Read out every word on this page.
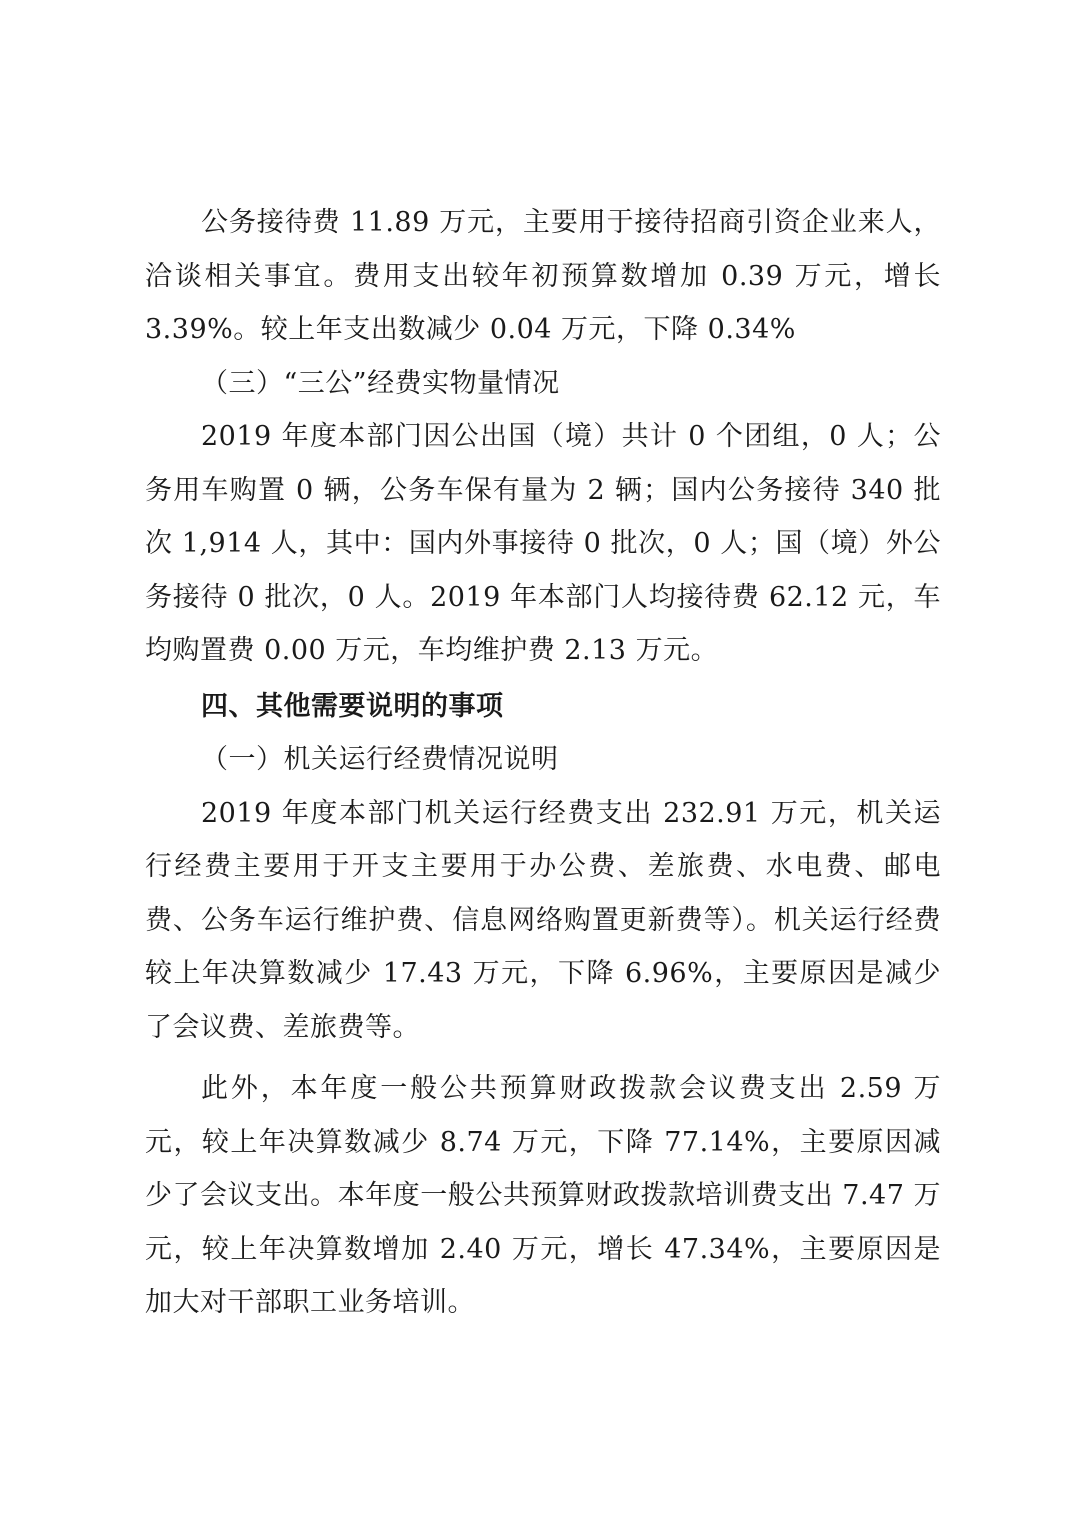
公务接待费 11.89 万元，主要用于接待招商引资企业来人，洽谈相关事宜。费用支出较年初预算数增加 0.39 万元，增长 3.39%。较上年支出数减少 0.04 万元，下降 0.34%

（三）“三公”经费实物量情况

2019 年度本部门因公出国（境）共计 0 个团组，0 人；公务用车购置 0 辆，公务车保有量为 2 辆；国内公务接待 340 批次 1,914 人，其中：国内外事接待 0 批次，0 人；国（境）外公务接待 0 批次，0 人。2019 年本部门人均接待费 62.12 元，车均购置费 0.00 万元，车均维护费 2.13 万元。

四、其他需要说明的事项

（一）机关运行经费情况说明

2019 年度本部门机关运行经费支出 232.91 万元，机关运行经费主要用于开支主要用于办公费、差旅费、水电费、邮电费、公务车运行维护费、信息网络购置更新费等）。机关运行经费较上年决算数减少 17.43 万元，下降 6.96%，主要原因是减少了会议费、差旅费等。

此外，本年度一般公共预算财政拨款会议费支出 2.59 万元，较上年决算数减少 8.74 万元，下降 77.14%，主要原因减少了会议支出。本年度一般公共预算财政拨款培训费支出 7.47 万元，较上年决算数增加 2.40 万元，增长 47.34%，主要原因是加大对干部职工业务培训。
